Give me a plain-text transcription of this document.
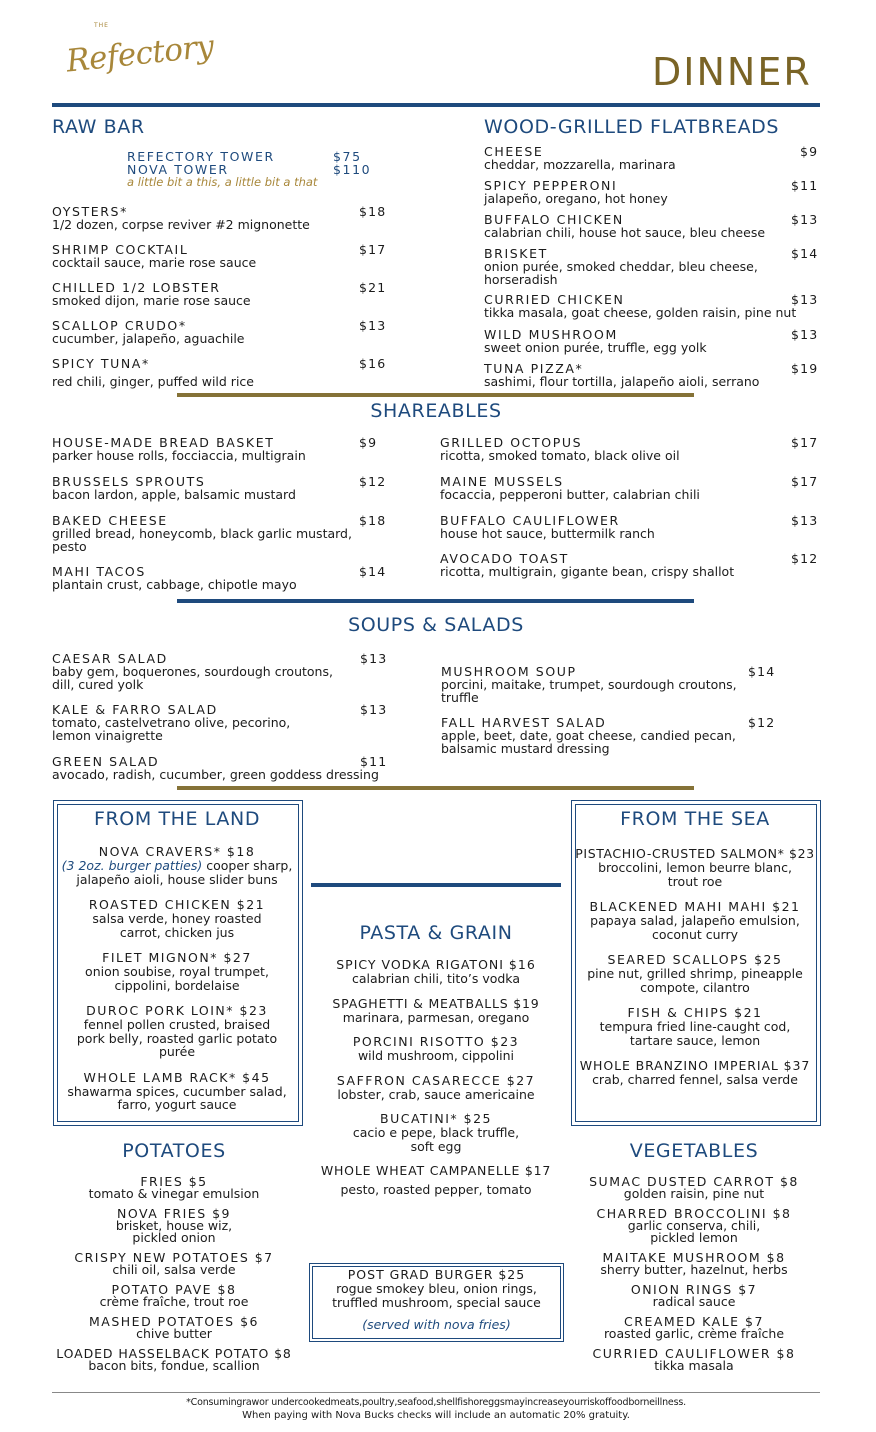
THE
Refectory	DINNER
RAW BAR
REFECTORY TOWER	$75
NOVA TOWER	$110
a little bit a this, a little bit a that
OYSTERS*
1/2 dozen, corpse reviver #2 mignonette
$18
SHRIMP COCKTAIL
cocktail sauce, marie rose sauce
$17
CHILLED 1/2 LOBSTER
smoked dijon, marie rose sauce
$21
SCALLOP CRUDO*
cucumber, jalapeño, aguachile
$13
SPICY TUNA*
red chili, ginger, puffed wild rice
$16
WOOD-GRILLED FLATBREADS
CHEESE
cheddar, mozzarella, marinara
$9
SPICY PEPPERONI
jalapeño, oregano, hot honey
$11
BUFFALO CHICKEN
calabrian chili, house hot sauce, bleu cheese
$13
BRISKET
onion purée, smoked cheddar, bleu cheese,
horseradish
$14
CURRIED CHICKEN
tikka masala, goat cheese, golden raisin, pine nut
$13
WILD MUSHROOM
sweet onion purée, truffle, egg yolk
$13
TUNA PIZZA*
sashimi, flour tortilla, jalapeño aioli, serrano
$19
SHAREABLES
HOUSE-MADE BREAD BASKET
parker house rolls, focciaccia, multigrain
$9
BRUSSELS SPROUTS
bacon lardon, apple, balsamic mustard
$12
BAKED CHEESE
grilled bread, honeycomb, black garlic mustard,
pesto
$18
MAHI TACOS
plantain crust, cabbage, chipotle mayo
$14
GRILLED OCTOPUS
ricotta, smoked tomato, black olive oil
$17
MAINE MUSSELS
focaccia, pepperoni butter, calabrian chili
$17
BUFFALO CAULIFLOWER
house hot sauce, buttermilk ranch
$13
AVOCADO TOAST
ricotta, multigrain, gigante bean, crispy shallot
$12
SOUPS & SALADS
CAESAR SALAD
baby gem, boquerones, sourdough croutons,
dill, cured yolk
$13
KALE & FARRO SALAD
tomato, castelvetrano olive, pecorino,
lemon vinaigrette
$13
GREEN SALAD
avocado, radish, cucumber, green goddess dressing
$11
MUSHROOM SOUP
porcini, maitake, trumpet, sourdough croutons,
truffle
$14
FALL HARVEST SALAD
apple, beet, date, goat cheese, candied pecan,
balsamic mustard dressing
$12
FROM THE LAND
NOVA CRAVERS* $18
(3 2oz. burger patties) cooper sharp,
jalapeño aioli, house slider buns
ROASTED CHICKEN $21
salsa verde, honey roasted
carrot, chicken jus
FILET MIGNON* $27
onion soubise, royal trumpet,
cippolini, bordelaise
DUROC PORK LOIN* $23
fennel pollen crusted, braised
pork belly, roasted garlic potato
purée
WHOLE LAMB RACK* $45
shawarma spices, cucumber salad,
farro, yogurt sauce
FROM THE SEA
PISTACHIO-CRUSTED SALMON* $23
broccolini, lemon beurre blanc,
trout roe
BLACKENED MAHI MAHI $21
papaya salad, jalapeño emulsion,
coconut curry
SEARED SCALLOPS $25
pine nut, grilled shrimp, pineapple
compote, cilantro
FISH & CHIPS $21
tempura fried line-caught cod,
tartare sauce, lemon
WHOLE BRANZINO IMPERIAL $37
crab, charred fennel, salsa verde
PASTA & GRAIN
SPICY VODKA RIGATONI $16
calabrian chili, tito’s vodka
SPAGHETTI & MEATBALLS $19
marinara, parmesan, oregano
PORCINI RISOTTO $23
wild mushroom, cippolini
SAFFRON CASARECCE $27
lobster, crab, sauce americaine
BUCATINI* $25
cacio e pepe, black truffle,
soft egg
WHOLE WHEAT CAMPANELLE $17
pesto, roasted pepper, tomato
POST GRAD BURGER $25
rogue smokey bleu, onion rings,
truffled mushroom, special sauce
(served with nova fries)
POTATOES
FRIES $5
tomato & vinegar emulsion
NOVA FRIES $9
brisket, house wiz,
pickled onion
CRISPY NEW POTATOES $7
chili oil, salsa verde
POTATO PAVE $8
crème fraîche, trout roe
MASHED POTATOES $6
chive butter
LOADED HASSELBACK POTATO $8
bacon bits, fondue, scallion
VEGETABLES
SUMAC DUSTED CARROT $8
golden raisin, pine nut
CHARRED BROCCOLINI $8
garlic conserva, chili,
pickled lemon
MAITAKE MUSHROOM $8
sherry butter, hazelnut, herbs
ONION RINGS $7
radical sauce
CREAMED KALE $7
roasted garlic, crème fraîche
CURRIED CAULIFLOWER $8
tikka masala
*Consumingrawor undercookedmeats,poultry,seafood,shellfishoreggsmayincreaseyourriskoffoodborneillness.
When paying with Nova Bucks checks will include an automatic 20% gratuity.
